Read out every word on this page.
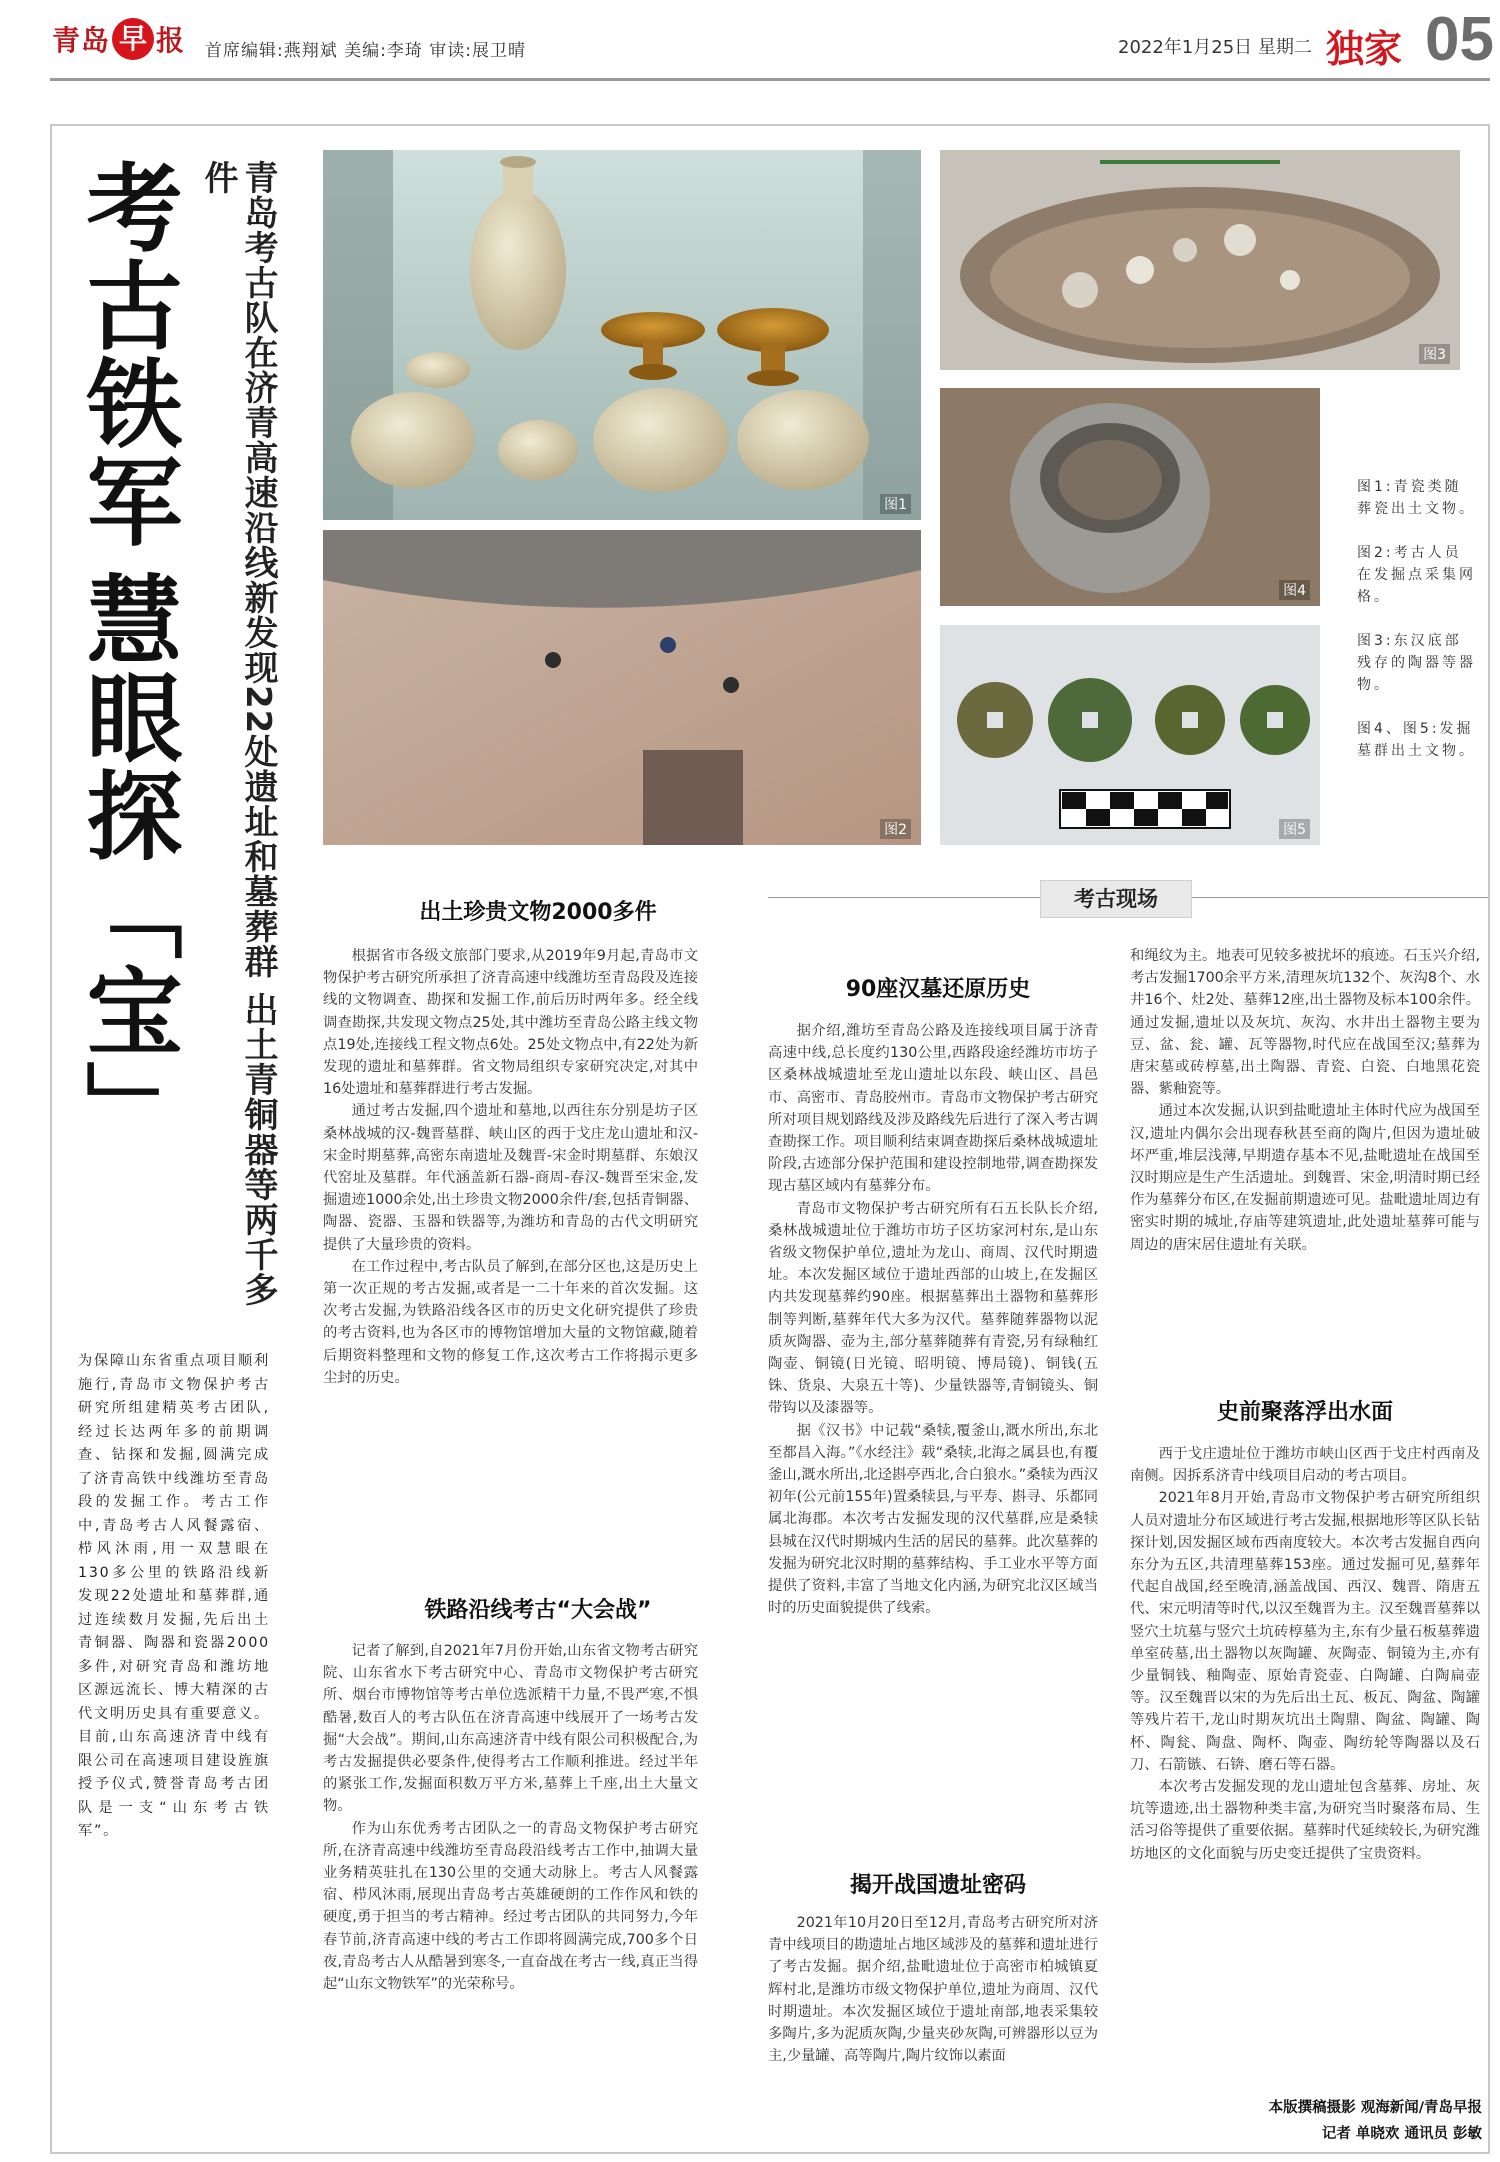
青岛 早 报 首席编辑:燕翔斌 美编:李琦 审读:展卫晴	2022年1月25日 星期二 独家 05
考古铁军
慧眼探「宝」	青岛考古队在济青高速沿线新发现22处遗址和墓葬群 出土青铜器等两千多件
为保障山东省重点项目顺利施行,青岛市文物保护考古研究所组建精英考古团队,经过长达两年多的前期调查、钻探和发掘,圆满完成了济青高铁中线潍坊至青岛段的发掘工作。考古工作中,青岛考古人风餐露宿、栉风沐雨,用一双慧眼在130多公里的铁路沿线新发现22处遗址和墓葬群,通过连续数月发掘,先后出土青铜器、陶器和瓷器2000多件,对研究青岛和潍坊地区源远流长、博大精深的古代文明历史具有重要意义。目前,山东高速济青中线有限公司在高速项目建设旌旗授予仪式,赞誉青岛考古团队是一支“山东考古铁军”。
图1
图2
图3
图4
图5

图1:青瓷类随葬瓷出土文物。

图2:考古人员在发掘点采集网格。

图3:东汉底部残存的陶器等器物。

图4、图5:发掘墓群出土文物。

考古现场
出土珍贵文物2000多件

根据省市各级文旅部门要求,从2019年9月起,青岛市文物保护考古研究所承担了济青高速中线潍坊至青岛段及连接线的文物调查、勘探和发掘工作,前后历时两年多。经全线调查勘探,共发现文物点25处,其中潍坊至青岛公路主线文物点19处,连接线工程文物点6处。25处文物点中,有22处为新发现的遗址和墓葬群。省文物局组织专家研究决定,对其中16处遗址和墓葬群进行考古发掘。

通过考古发掘,四个遗址和墓地,以西往东分别是坊子区桑林战城的汉-魏晋墓群、峡山区的西于戈庄龙山遗址和汉-宋金时期墓葬,高密东南遗址及魏晋-宋金时期墓群、东娘汉代窑址及墓群。年代涵盖新石器-商周-春汉-魏晋至宋金,发掘遗迹1000余处,出土珍贵文物2000余件/套,包括青铜器、陶器、瓷器、玉器和铁器等,为潍坊和青岛的古代文明研究提供了大量珍贵的资料。

在工作过程中,考古队员了解到,在部分区也,这是历史上第一次正规的考古发掘,或者是一二十年来的首次发掘。这次考古发掘,为铁路沿线各区市的历史文化研究提供了珍贵的考古资料,也为各区市的博物馆增加大量的文物馆藏,随着后期资料整理和文物的修复工作,这次考古工作将揭示更多尘封的历史。

铁路沿线考古“大会战”

记者了解到,自2021年7月份开始,山东省文物考古研究院、山东省水下考古研究中心、青岛市文物保护考古研究所、烟台市博物馆等考古单位选派精干力量,不畏严寒,不惧酷暑,数百人的考古队伍在济青高速中线展开了一场考古发掘“大会战”。期间,山东高速济青中线有限公司积极配合,为考古发掘提供必要条件,使得考古工作顺利推进。经过半年的紧张工作,发掘面积数万平方米,墓葬上千座,出土大量文物。

作为山东优秀考古团队之一的青岛文物保护考古研究所,在济青高速中线潍坊至青岛段沿线考古工作中,抽调大量业务精英驻扎在130公里的交通大动脉上。考古人风餐露宿、栉风沐雨,展现出青岛考古英雄硬朗的工作作风和铁的硬度,勇于担当的考古精神。经过考古团队的共同努力,今年春节前,济青高速中线的考古工作即将圆满完成,700多个日夜,青岛考古人从酷暑到寒冬,一直奋战在考古一线,真正当得起“山东文物铁军”的光荣称号。

90座汉墓还原历史

据介绍,潍坊至青岛公路及连接线项目属于济青高速中线,总长度约130公里,西路段途经潍坊市坊子区桑林战城遗址至龙山遗址以东段、峡山区、昌邑市、高密市、青岛胶州市。青岛市文物保护考古研究所对项目规划路线及涉及路线先后进行了深入考古调查勘探工作。项目顺利结束调查勘探后桑林战城遗址阶段,古迹部分保护范围和建设控制地带,调查勘探发现古墓区域内有墓葬分布。

青岛市文物保护考古研究所有石五长队长介绍,桑林战城遗址位于潍坊市坊子区坊家河村东,是山东省级文物保护单位,遗址为龙山、商周、汉代时期遗址。本次发掘区域位于遗址西部的山坡上,在发掘区内共发现墓葬约90座。根据墓葬出土器物和墓葬形制等判断,墓葬年代大多为汉代。墓葬随葬器物以泥质灰陶器、壶为主,部分墓葬随葬有青瓷,另有绿釉红陶壶、铜镜(日光镜、昭明镜、博局镜)、铜钱(五铢、货泉、大泉五十等)、少量铁器等,青铜镜头、铜带钩以及漆器等。

据《汉书》中记载“桑犊,覆釜山,溉水所出,东北至都昌入海。”《水经注》载“桑犊,北海之属县也,有覆釜山,溉水所出,北迳斟亭西北,合白狼水。”桑犊为西汉初年(公元前155年)置桑犊县,与平寿、斟寻、乐都同属北海郡。本次考古发掘发现的汉代墓群,应是桑犊县城在汉代时期城内生活的居民的墓葬。此次墓葬的发掘为研究北汉时期的墓葬结构、手工业水平等方面提供了资料,丰富了当地文化内涵,为研究北汉区域当时的历史面貌提供了线索。

揭开战国遗址密码

2021年10月20日至12月,青岛考古研究所对济青中线项目的勘遗址占地区域涉及的墓葬和遗址进行了考古发掘。据介绍,盐毗遗址位于高密市柏城镇夏辉村北,是潍坊市级文物保护单位,遗址为商周、汉代时期遗址。本次发掘区域位于遗址南部,地表采集较多陶片,多为泥质灰陶,少量夹砂灰陶,可辨器形以豆为主,少量罐、高等陶片,陶片纹饰以素面

和绳纹为主。地表可见较多被扰坏的痕迹。石玉兴介绍,考古发掘1700余平方米,清理灰坑132个、灰沟8个、水井16个、灶2处、墓葬12座,出土器物及标本100余件。通过发掘,遗址以及灰坑、灰沟、水井出土器物主要为豆、盆、瓮、罐、瓦等器物,时代应在战国至汉;墓葬为唐宋墓或砖椁墓,出土陶器、青瓷、白瓷、白地黑花瓷器、紫釉瓷等。

通过本次发掘,认识到盐毗遗址主体时代应为战国至汉,遗址内偶尔会出现春秋甚至商的陶片,但因为遗址破坏严重,堆层浅薄,早期遗存基本不见,盐毗遗址在战国至汉时期应是生产生活遗址。到魏晋、宋金,明清时期已经作为墓葬分布区,在发掘前期遗迹可见。盐毗遗址周边有密实时期的城址,存庙等建筑遗址,此处遗址墓葬可能与周边的唐宋居住遗址有关联。

史前聚落浮出水面

西于戈庄遗址位于潍坊市峡山区西于戈庄村西南及南侧。因拆系济青中线项目启动的考古项目。

2021年8月开始,青岛市文物保护考古研究所组织人员对遗址分布区域进行考古发掘,根据地形等区队长钻探计划,因发掘区域布西南度较大。本次考古发掘自西向东分为五区,共清理墓葬153座。通过发掘可见,墓葬年代起自战国,经至晚清,涵盖战国、西汉、魏晋、隋唐五代、宋元明清等时代,以汉至魏晋为主。汉至魏晋墓葬以竖穴土坑墓与竖穴土坑砖椁墓为主,东有少量石板墓葬遗单室砖墓,出土器物以灰陶罐、灰陶壶、铜镜为主,亦有少量铜钱、釉陶壶、原始青瓷壶、白陶罐、白陶扁壶等。汉至魏晋以宋的为先后出土瓦、板瓦、陶盆、陶罐等残片若干,龙山时期灰坑出土陶鼎、陶盆、陶罐、陶杯、陶瓮、陶盘、陶杯、陶壶、陶纺轮等陶器以及石刀、石箭镞、石锛、磨石等石器。

本次考古发掘发现的龙山遗址包含墓葬、房址、灰坑等遗迹,出土器物种类丰富,为研究当时聚落布局、生活习俗等提供了重要依据。墓葬时代延续较长,为研究潍坊地区的文化面貌与历史变迁提供了宝贵资料。

本版撰稿摄影 观海新闻/青岛早报
记者 单晓欢 通讯员 彭敏
